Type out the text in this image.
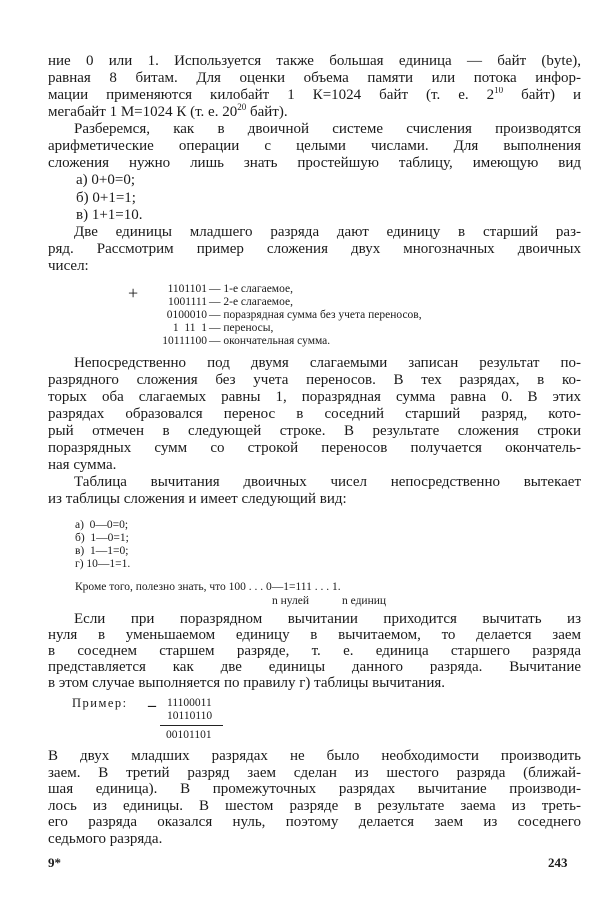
ние 0 или 1. Используется также большая единица — байт (byte),
равная 8 битам. Для оценки объема памяти или потока инфор-
мации применяются килобайт 1 К=1024 байт (т. е. $2^{10}$ байт) и
мегабайт 1 М=1024 К (т. е. $20^{20}$ байт).
Разберемся, как в двоичной системе счисления производятся
арифметические операции с целыми числами. Для выполнения
сложения нужно лишь знать простейшую таблицу, имеющую вид
а) 0+0=0;
б) 0+1=1;
в) 1+1=10.
Две единицы младшего разряда дают единицу в старший раз-
ряд. Рассмотрим пример сложения двух многозначных двоичных
чисел:
+	1101101 — 1-е слагаемое,
1001111 — 2-е слагаемое,
0100010 — поразрядная сумма без учета переносов,
1  11  1 — переносы,
10111100 — окончательная сумма.
Непосредственно под двумя слагаемыми записан результат по-
разрядного сложения без учета переносов. В тех разрядах, в ко-
торых оба слагаемых равны 1, поразрядная сумма равна 0. В этих
разрядах образовался перенос в соседний старший разряд, кото-
рый отмечен в следующей строке. В результате сложения строки
поразрядных сумм со строкой переносов получается окончатель-
ная сумма.
Таблица вычитания двоичных чисел непосредственно вытекает
из таблицы сложения и имеет следующий вид:
а)  0—0=0;
б)  1—0=1;
в)  1—1=0;
г) 10—1=1.
Кроме того, полезно знать, что 100 . . . 0—1=111 . . . 1.
n нулей	n единиц
Если при поразрядном вычитании приходится вычитать из
нуля в уменьшаемом единицу в вычитаемом, то делается заем
в соседнем старшем разряде, т. е. единица старшего разряда
представляется как две единицы данного разряда. Вычитание
в этом случае выполняется по правилу г) таблицы вычитания.
Пример: _ 11100011
10110110
00101101
В двух младших разрядах не было необходимости производить
заем. В третий разряд заем сделан из шестого разряда (ближай-
шая единица). В промежуточных разрядах вычитание производи-
лось из единицы. В шестом разряде в результате заема из треть-
его разряда оказался нуль, поэтому делается заем из соседнего
седьмого разряда.
9*	243
